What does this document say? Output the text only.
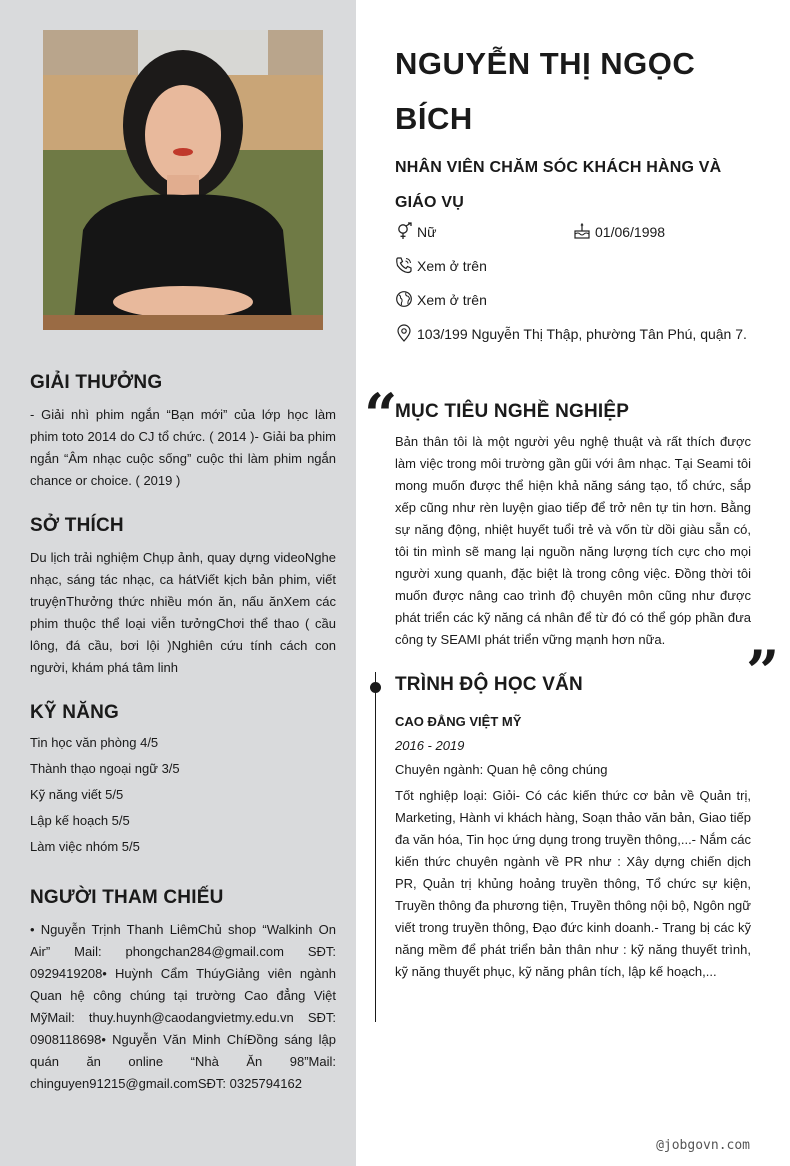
GIẢI THƯỞNG
- Giải nhì phim ngắn “Bạn mới” của lớp học làm phim toto 2014 do CJ tổ chức. ( 2014 )- Giải ba phim ngắn “Âm nhạc cuộc sống” cuộc thi làm phim ngắn chance or choice. ( 2019 )
SỞ THÍCH
Du lịch trải nghiệm Chụp ảnh, quay dựng videoNghe nhạc, sáng tác nhạc, ca hátViết kịch bản phim, viết truyệnThưởng thức nhiều món ăn, nấu ănXem các phim thuộc thể loại viễn tưởngChơi thể thao ( cầu lông, đá cầu, bơi lội )Nghiên cứu tính cách con người, khám phá tâm linh
KỸ NĂNG
Tin học văn phòng 4/5
Thành thạo ngoại ngữ 3/5
Kỹ năng viết 5/5
Lập kế hoạch 5/5
Làm việc nhóm 5/5
NGƯỜI THAM CHIẾU
• Nguyễn Trịnh Thanh LiêmChủ shop “Walkinh On Air” Mail: phongchan284@gmail.com SĐT: 0929419208• Huỳnh Cẩm ThúyGiảng viên ngành Quan hệ công chúng tại trường Cao đẳng Việt MỹMail: thuy.huynh@caodangvietmy.edu.vn SĐT: 0908118698• Nguyễn Văn Minh ChíĐồng sáng lập quán ăn online “Nhà Ăn 98”Mail: chinguyen91215@gmail.comSĐT: 0325794162
NGUYỄN THỊ NGỌC BÍCH
NHÂN VIÊN CHĂM SÓC KHÁCH HÀNG VÀ GIÁO VỤ
Nữ	01/06/1998
Xem ở trên
Xem ở trên
103/199 Nguyễn Thị Thập, phường Tân Phú, quận 7.
“
MỤC TIÊU NGHỀ NGHIỆP
Bản thân tôi là một người yêu nghệ thuật và rất thích được làm việc trong môi trường gần gũi với âm nhạc. Tại Seami tôi mong muốn được thể hiện khả năng sáng tạo, tổ chức, sắp xếp cũng như rèn luyện giao tiếp để trở nên tự tin hơn. Bằng sự năng động, nhiệt huyết tuổi trẻ và vốn từ dồi giàu sẵn có, tôi tin mình sẽ mang lại nguồn năng lượng tích cực cho mọi người xung quanh, đặc biệt là trong công việc. Đồng thời tôi muốn được nâng cao trình độ chuyên môn cũng như được phát triển các kỹ năng cá nhân để từ đó có thể góp phần đưa công ty SEAMI phát triển vững mạnh hơn nữa.	”
TRÌNH ĐỘ HỌC VẤN
CAO ĐẲNG VIỆT MỸ
2016 - 2019
Chuyên ngành: Quan hệ công chúng
Tốt nghiệp loại: Giỏi- Có các kiến thức cơ bản về Quản trị, Marketing, Hành vi khách hàng, Soạn thảo văn bản, Giao tiếp đa văn hóa, Tin học ứng dụng trong truyền thông,...- Nắm các kiến thức chuyên ngành về PR như : Xây dựng chiến dịch PR, Quản trị khủng hoảng truyền thông, Tổ chức sự kiện, Truyền thông đa phương tiện, Truyền thông nội bộ, Ngôn ngữ viết trong truyền thông, Đạo đức kinh doanh.- Trang bị các kỹ năng mềm để phát triển bản thân như : kỹ năng thuyết trình, kỹ năng thuyết phục, kỹ năng phân tích, lập kế hoạch,...
@jobgovn.com
